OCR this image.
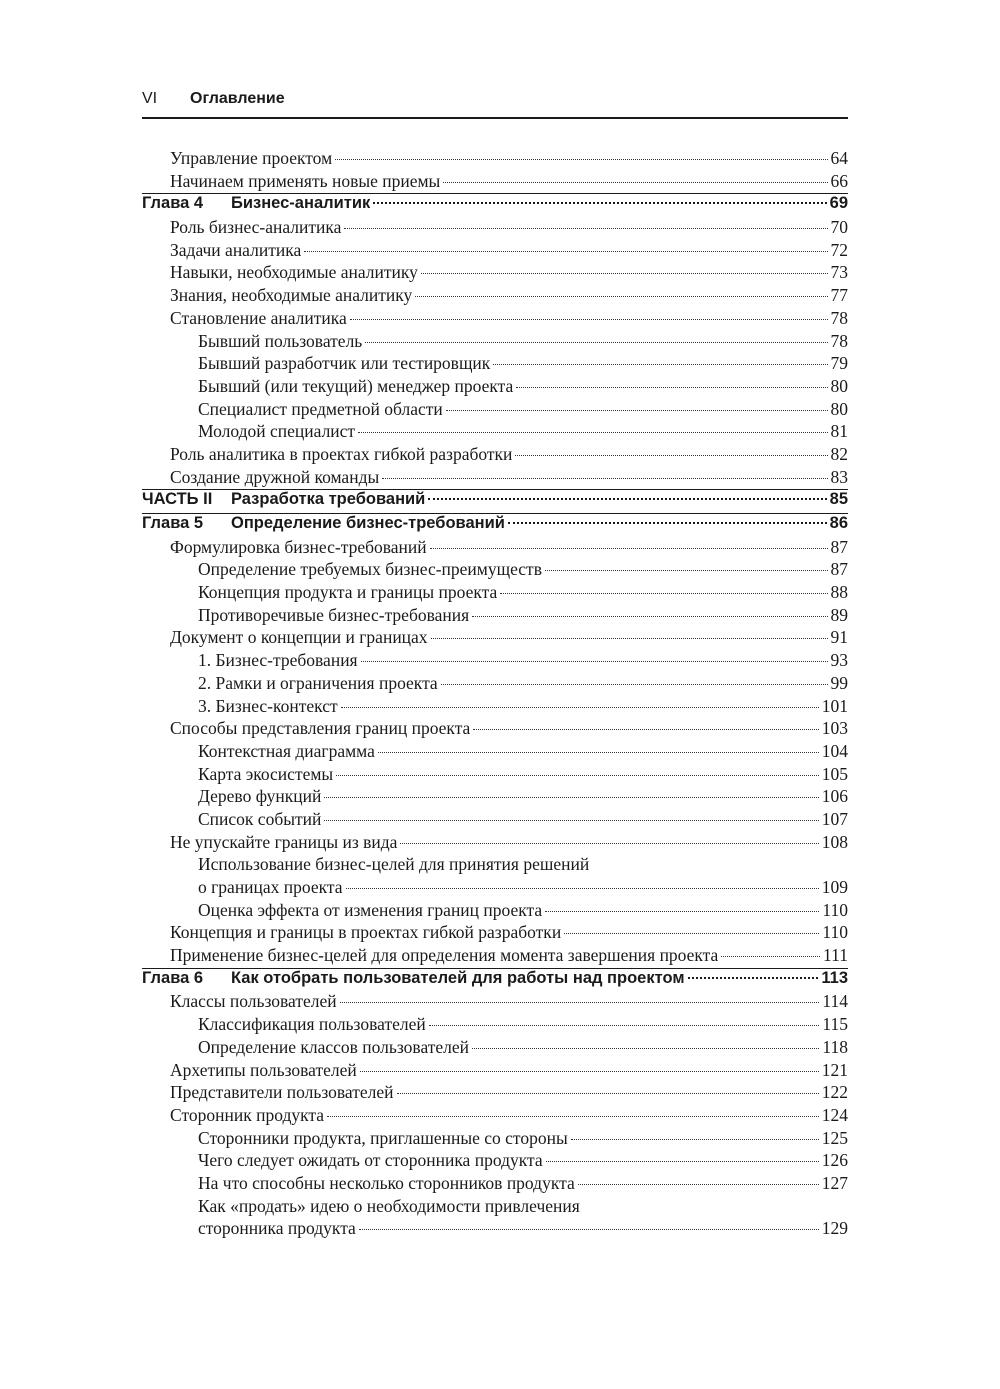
VI Оглавление
Управление проектом	64
Начинаем применять новые приемы	66
Глава 4 Бизнес-аналитик	69
Роль бизнес-аналитика	70
Задачи аналитика	72
Навыки, необходимые аналитику	73
Знания, необходимые аналитику	77
Становление аналитика	78
Бывший пользователь	78
Бывший разработчик или тестировщик	79
Бывший (или текущий) менеджер проекта	80
Специалист предметной области	80
Молодой специалист	81
Роль аналитика в проектах гибкой разработки	82
Создание дружной команды	83
ЧАСТЬ II Разработка требований	85
Глава 5 Определение бизнес-требований	86
Формулировка бизнес-требований	87
Определение требуемых бизнес-преимуществ	87
Концепция продукта и границы проекта	88
Противоречивые бизнес-требования	89
Документ о концепции и границах	91
1. Бизнес-требования	93
2. Рамки и ограничения проекта	99
3. Бизнес-контекст	101
Способы представления границ проекта	103
Контекстная диаграмма	104
Карта экосистемы	105
Дерево функций	106
Список событий	107
Не упускайте границы из вида	108
Использование бизнес-целей для принятия решений
о границах проекта	109
Оценка эффекта от изменения границ проекта	110
Концепция и границы в проектах гибкой разработки	110
Применение бизнес-целей для определения момента завершения проекта	111
Глава 6 Как отобрать пользователей для работы над проектом	113
Классы пользователей	114
Классификация пользователей	115
Определение классов пользователей	118
Архетипы пользователей	121
Представители пользователей	122
Сторонник продукта	124
Сторонники продукта, приглашенные со стороны	125
Чего следует ожидать от сторонника продукта	126
На что способны несколько сторонников продукта	127
Как «продать» идею о необходимости привлечения
сторонника продукта	129
